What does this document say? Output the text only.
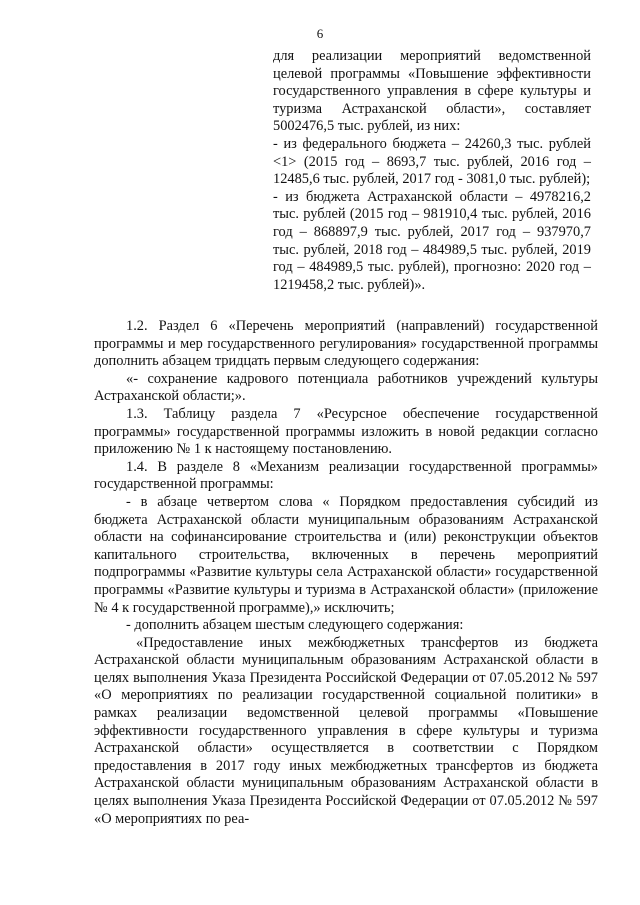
6

для реализации мероприятий ведомственной целевой программы «Повышение эффективности государственного управления в сфере культуры и туризма Астраханской области», составляет 5002476,5 тыс. рублей, из них:

- из федерального бюджета – 24260,3 тыс. рублей <1> (2015 год – 8693,7 тыс. рублей, 2016 год – 12485,6 тыс. рублей, 2017 год - 3081,0 тыс. рублей);

- из бюджета Астраханской области – 4978216,2 тыс. рублей (2015 год – 981910,4 тыс. рублей, 2016 год – 868897,9 тыс. рублей, 2017 год – 937970,7 тыс. рублей, 2018 год – 484989,5 тыс. рублей, 2019 год – 484989,5 тыс. рублей), прогнозно: 2020 год – 1219458,2 тыс. рублей)».

1.2. Раздел 6 «Перечень мероприятий (направлений) государственной программы и мер государственного регулирования» государственной программы дополнить абзацем тридцать первым следующего содержания:

«- сохранение кадрового потенциала работников учреждений культуры Астраханской области;».

1.3. Таблицу раздела 7 «Ресурсное обеспечение государственной программы» государственной программы изложить в новой редакции согласно приложению № 1 к настоящему постановлению.

1.4. В разделе 8 «Механизм реализации государственной программы» государственной программы:

- в абзаце четвертом слова « Порядком предоставления субсидий из бюджета Астраханской области муниципальным образованиям Астраханской области на софинансирование строительства и (или) реконструкции объектов капитального строительства, включенных в перечень мероприятий подпрограммы «Развитие культуры села Астраханской области» государственной программы «Развитие культуры и туризма в Астраханской области» (приложение № 4 к государственной программе),» исключить;

- дополнить абзацем шестым следующего содержания:

«Предоставление иных межбюджетных трансфертов из бюджета Астраханской области муниципальным образованиям Астраханской области в целях выполнения Указа Президента Российской Федерации от 07.05.2012 № 597 «О мероприятиях по реализации государственной социальной политики» в рамках реализации ведомственной целевой программы «Повышение эффективности государственного управления в сфере культуры и туризма Астраханской области» осуществляется в соответствии с Порядком предоставления в 2017 году иных межбюджетных трансфертов из бюджета Астраханской области муниципальным образованиям Астраханской области в целях выполнения Указа Президента Российской Федерации от 07.05.2012 № 597 «О мероприятиях по реа-
